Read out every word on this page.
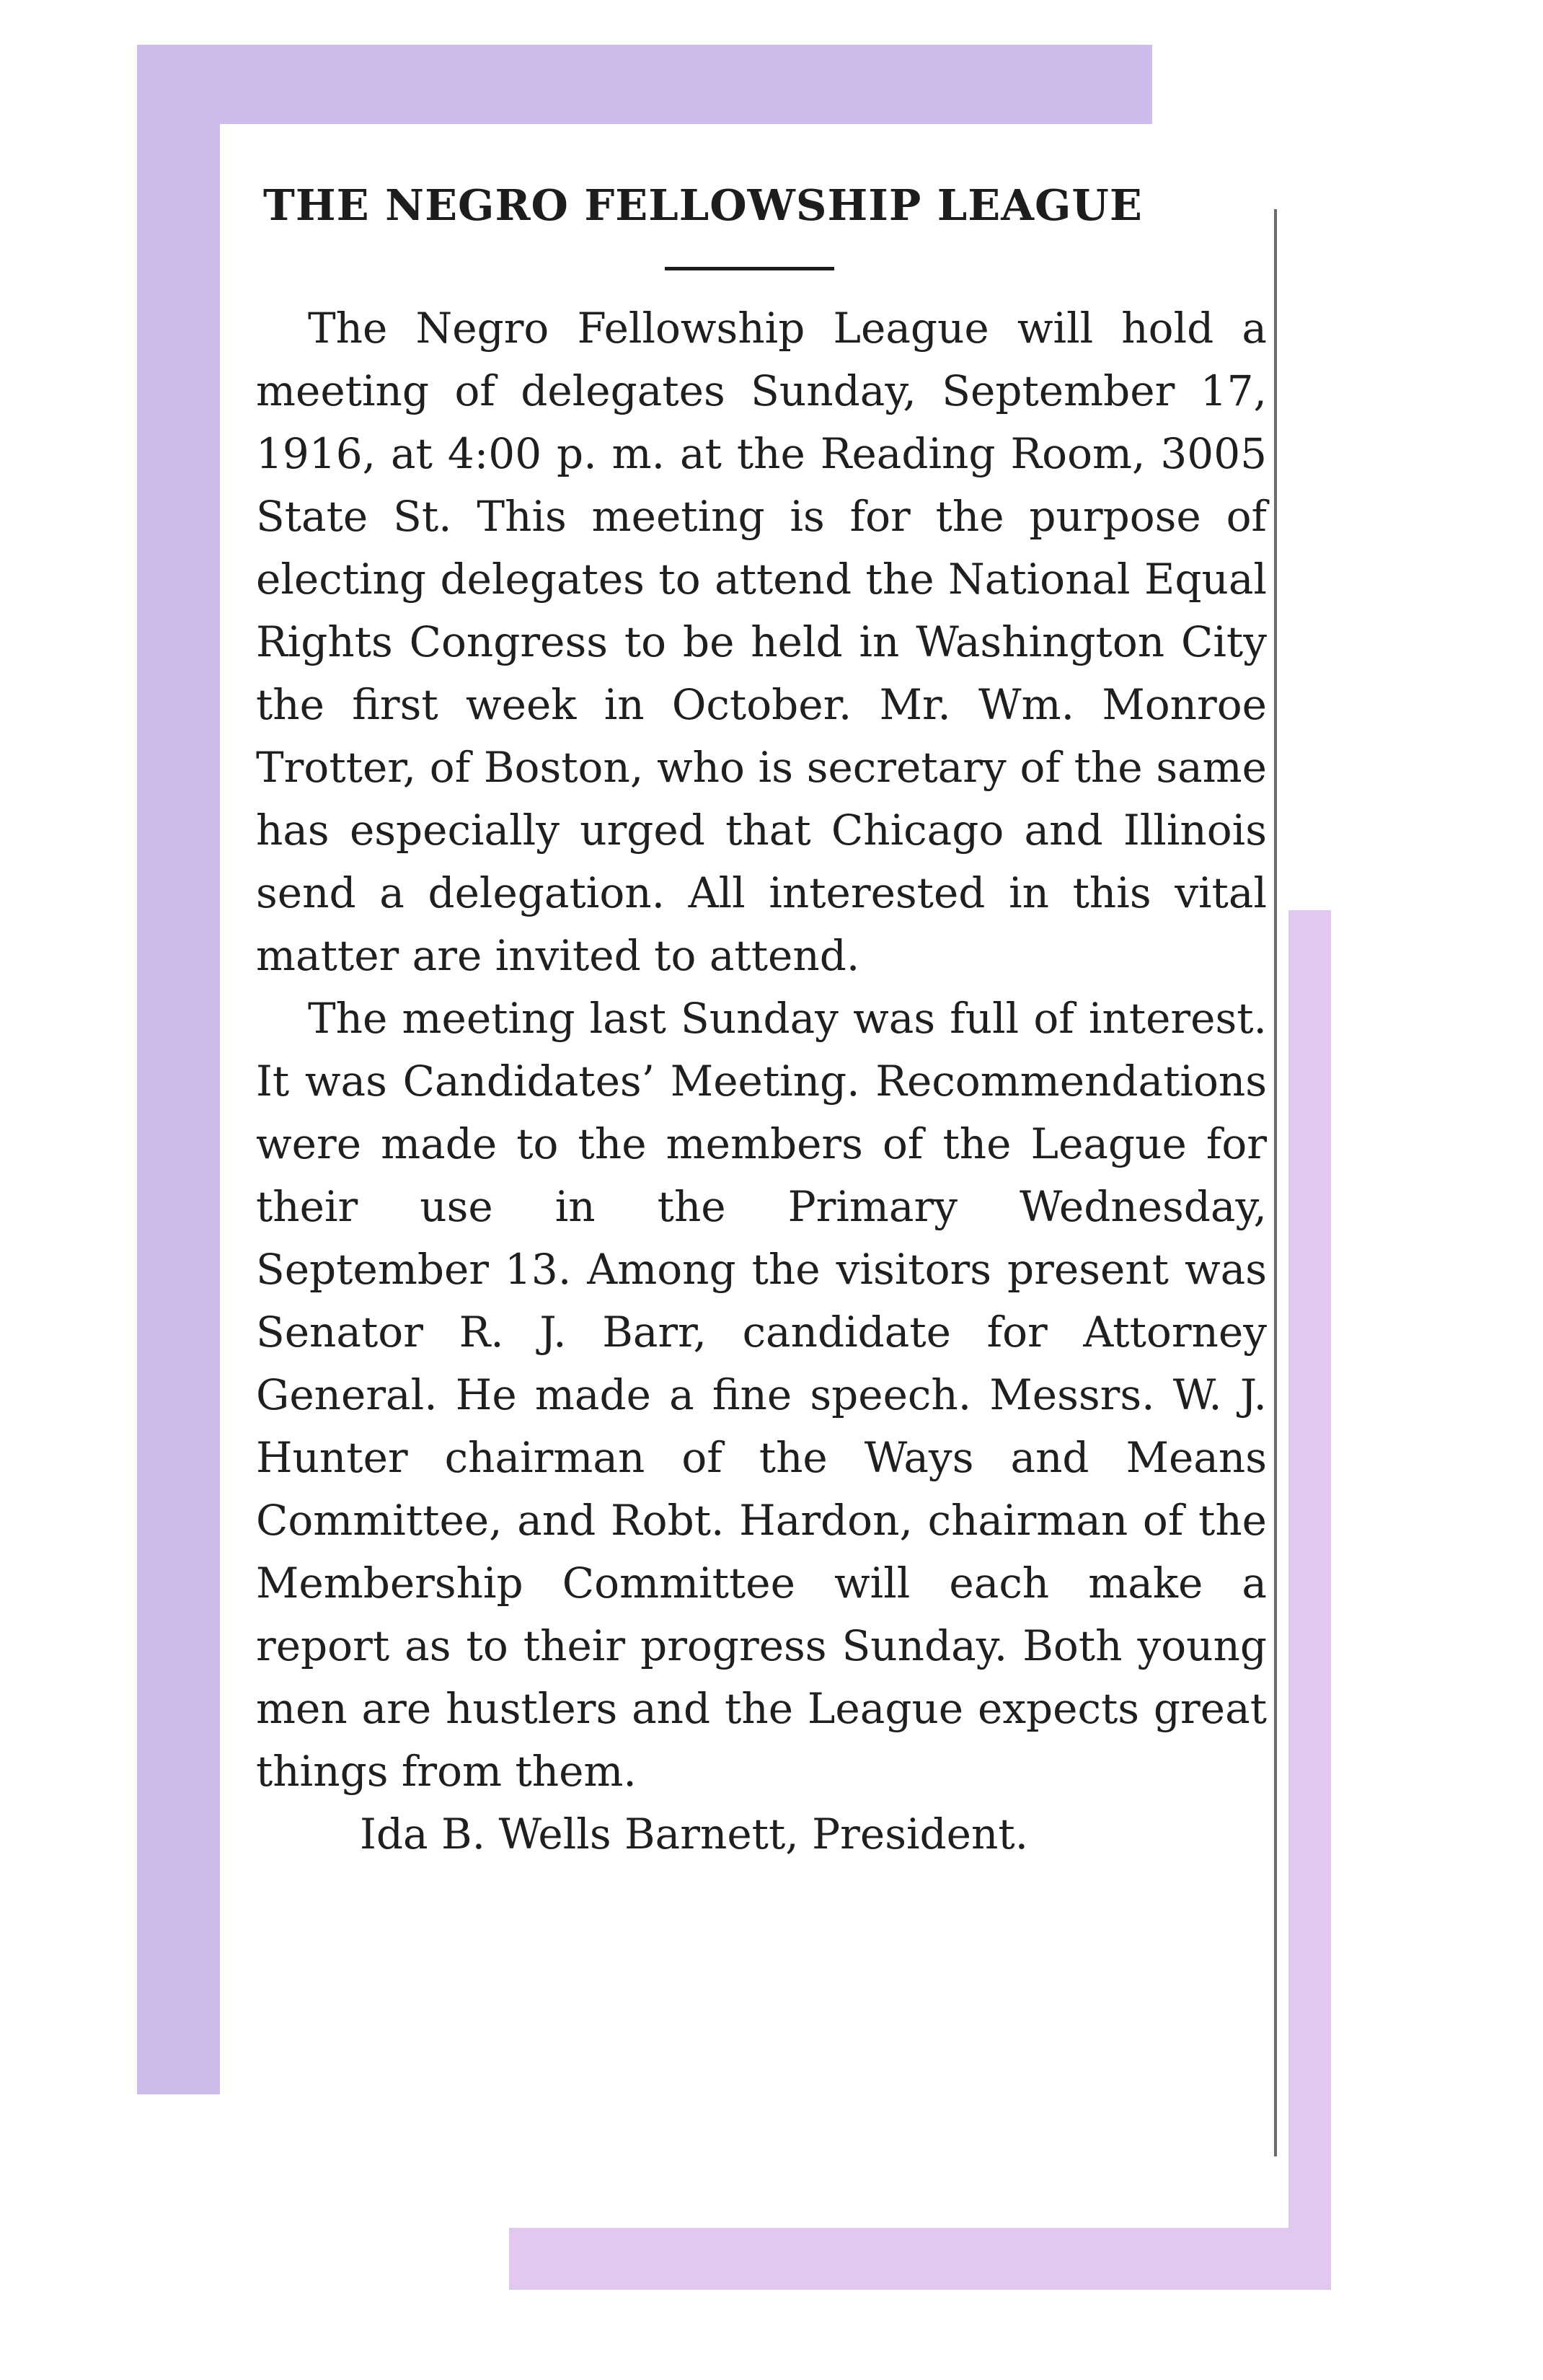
THE NEGRO FELLOWSHIP LEAGUE

The Negro Fellowship League will hold a meeting of delegates Sunday, September 17, 1916, at 4:00 p. m. at the Reading Room, 3005 State St. This meeting is for the purpose of electing delegates to attend the National Equal Rights Congress to be held in Washington City the first week in October. Mr. Wm. Monroe Trotter, of Boston, who is secretary of the same has especially urged that Chicago and Illinois send a delegation. All interested in this vital matter are invited to attend.

The meeting last Sunday was full of interest. It was Candidates’ Meeting. Recommendations were made to the members of the League for their use in the Primary Wednesday, September 13. Among the visitors present was Senator R. J. Barr, candidate for Attorney General. He made a fine speech. Messrs. W. J. Hunter chairman of the Ways and Means Committee, and Robt. Hardon, chairman of the Membership Committee will each make a report as to their progress Sunday. Both young men are hustlers and the League expects great things from them.

Ida B. Wells Barnett, President.
